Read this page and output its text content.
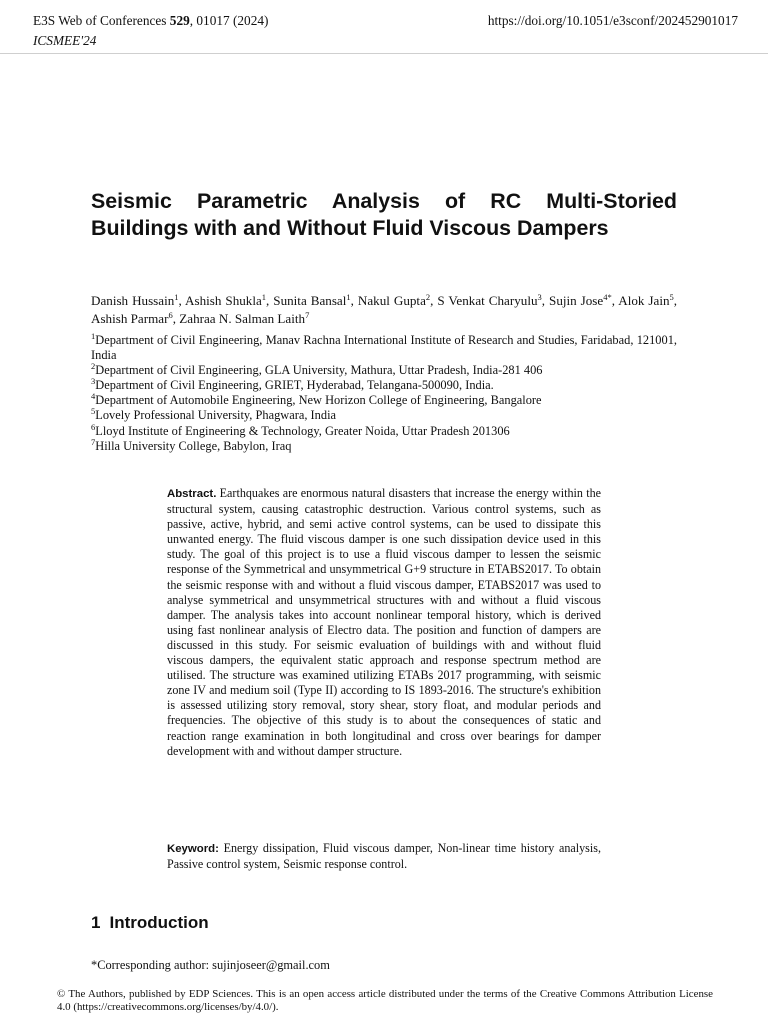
E3S Web of Conferences 529, 01017 (2024)
ICSMEE'24
https://doi.org/10.1051/e3sconf/202452901017
Seismic Parametric Analysis of RC Multi-Storied Buildings with and Without Fluid Viscous Dampers
Danish Hussain$^1$, Ashish Shukla$^1$, Sunita Bansal$^1$, Nakul Gupta$^2$, S Venkat Charyulu$^3$, Sujin Jose$^{4*}$, Alok Jain$^5$, Ashish Parmar$^6$, Zahraa N. Salman Laith$^7$
$^1$Department of Civil Engineering, Manav Rachna International Institute of Research and Studies, Faridabad, 121001, India
$^2$Department of Civil Engineering, GLA University, Mathura, Uttar Pradesh, India-281 406
$^3$Department of Civil Engineering, GRIET, Hyderabad, Telangana-500090, India.
$^4$Department of Automobile Engineering, New Horizon College of Engineering, Bangalore
$^5$Lovely Professional University, Phagwara, India
$^6$Lloyd Institute of Engineering & Technology, Greater Noida, Uttar Pradesh 201306
$^7$Hilla University College, Babylon, Iraq
Abstract. Earthquakes are enormous natural disasters that increase the energy within the structural system, causing catastrophic destruction. Various control systems, such as passive, active, hybrid, and semi active control systems, can be used to dissipate this unwanted energy. The fluid viscous damper is one such dissipation device used in this study. The goal of this project is to use a fluid viscous damper to lessen the seismic response of the Symmetrical and unsymmetrical G+9 structure in ETABS2017. To obtain the seismic response with and without a fluid viscous damper, ETABS2017 was used to analyse symmetrical and unsymmetrical structures with and without a fluid viscous damper. The analysis takes into account nonlinear temporal history, which is derived using fast nonlinear analysis of Electro data. The position and function of dampers are discussed in this study. For seismic evaluation of buildings with and without fluid viscous dampers, the equivalent static approach and response spectrum method are utilised. The structure was examined utilizing ETABs 2017 programming, with seismic zone IV and medium soil (Type II) according to IS 1893-2016. The structure's exhibition is assessed utilizing story removal, story shear, story float, and modular periods and frequencies. The objective of this study is to about the consequences of static and reaction range examination in both longitudinal and cross over bearings for damper development with and without damper structure.
Keyword: Energy dissipation, Fluid viscous damper, Non-linear time history analysis, Passive control system, Seismic response control.
1 Introduction
*Corresponding author: sujinjoseer@gmail.com
© The Authors, published by EDP Sciences. This is an open access article distributed under the terms of the Creative Commons Attribution License 4.0 (https://creativecommons.org/licenses/by/4.0/).
